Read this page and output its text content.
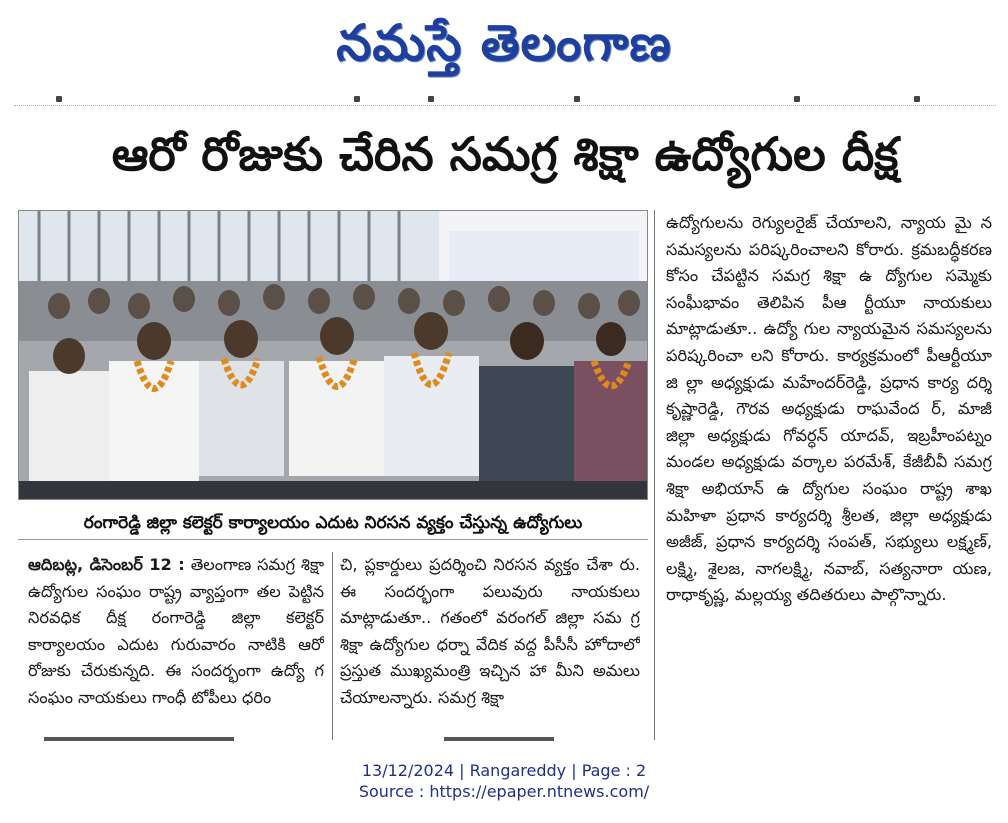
నమస్తే తెలంగాణ
ఆరో రోజుకు చేరిన సమగ్ర శిక్షా ఉద్యోగుల దీక్ష
రంగారెడ్డి జిల్లా కలెక్టర్ కార్యాలయం ఎదుట నిరసన వ్యక్తం చేస్తున్న ఉద్యోగులు
ఆదిబట్ల, డిసెంబర్ 12 : తెలంగాణ సమగ్ర శిక్షా ఉద్యోగుల సంఘం రాష్ట్ర వ్యాప్తంగా తల పెట్టిన నిరవధిక దీక్ష రంగారెడ్డి జిల్లా కలెక్టర్ కార్యాలయం ఎదుట గురువారం నాటికి ఆరో రోజుకు చేరుకున్నది. ఈ సందర్భంగా ఉద్యో గ సంఘం నాయకులు గాంధీ టోపీలు ధరిం
చి, ప్లకార్డులు ప్రదర్శించి నిరసన వ్యక్తం చేశా రు. ఈ సందర్భంగా పలువురు నాయకులు మాట్లాడుతూ.. గతంలో వరంగల్ జిల్లా సమ గ్ర శిక్షా ఉద్యోగుల ధర్నా వేదిక వద్ద పీసీసీ హోదాలో ప్రస్తుత ముఖ్యమంత్రి ఇచ్చిన హా మీని అమలు చేయాలన్నారు. సమగ్ర శిక్షా
ఉద్యోగులను రెగ్యులరైజ్ చేయాలని, న్యాయ మై న సమస్యలను పరిష్కరించాలని కోరారు. క్రమబద్ధీకరణ కోసం చేపట్టిన సమగ్ర శిక్షా ఉ ద్యోగుల సమ్మెకు సంఘీభావం తెలిపిన పీఆ ర్టీయూ నాయకులు మాట్లాడుతూ.. ఉద్యో గుల న్యాయమైన సమస్యలను పరిష్కరించా లని కోరారు. కార్యక్రమంలో పీఆర్టీయూ జి ల్లా అధ్యక్షుడు మహేందర్‌రెడ్డి, ప్రధాన కార్య దర్శి కృష్ణారెడ్డి, గౌరవ అధ్యక్షుడు రాఘవేంద ర్, మాజీ జిల్లా అధ్యక్షుడు గోవర్ధన్ యాదవ్, ఇబ్రహీంపట్నం మండల అధ్యక్షుడు వర్కాల పరమేశ్, కేజీబీవీ సమగ్ర శిక్షా అభియాన్ ఉ ద్యోగుల సంఘం రాష్ట్ర శాఖ మహిళా ప్రధాన కార్యదర్శి శ్రీలత, జిల్లా అధ్యక్షుడు అజీజ్, ప్రధాన కార్యదర్శి సంపత్, సభ్యులు లక్ష్మణ్, లక్ష్మి, శైలజ, నాగలక్ష్మి, నవాబ్, సత్యనారా యణ, రాధాకృష్ణ, మల్లయ్య తదితరులు పాల్గొన్నారు.
13/12/2024 | Rangareddy | Page : 2
Source : https://epaper.ntnews.com/
